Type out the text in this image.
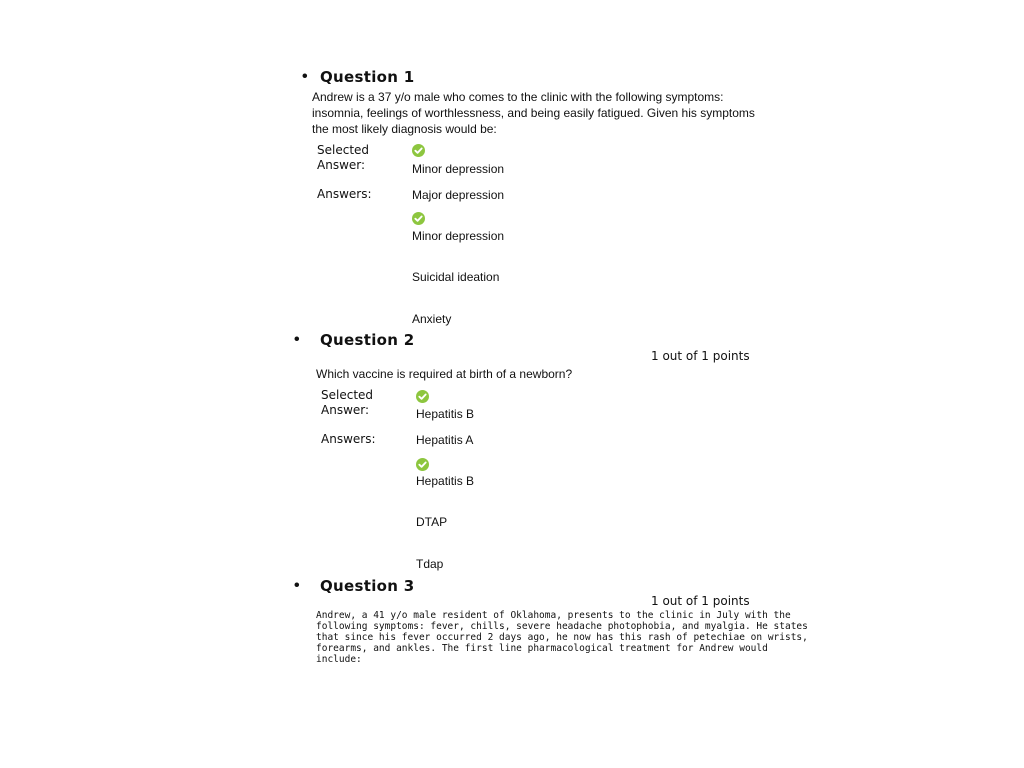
• Question 1
Andrew is a 37 y/o male who comes to the clinic with the following symptoms:
insomnia, feelings of worthlessness, and being easily fatigued. Given his symptoms
the most likely diagnosis would be:
Selected
Answer:	Minor depression
Answers:	Major depression
Minor depression
Suicidal ideation
Anxiety
• Question 2
1 out of 1 points
Which vaccine is required at birth of a newborn?
Selected
Answer:	Hepatitis B
Answers:	Hepatitis A
Hepatitis B
DTAP
Tdap
• Question 3
1 out of 1 points
Andrew, a 41 y/o male resident of Oklahoma, presents to the clinic in July with the
following symptoms: fever, chills, severe headache photophobia, and myalgia. He states
that since his fever occurred 2 days ago, he now has this rash of petechiae on wrists,
forearms, and ankles. The first line pharmacological treatment for Andrew would
include:
